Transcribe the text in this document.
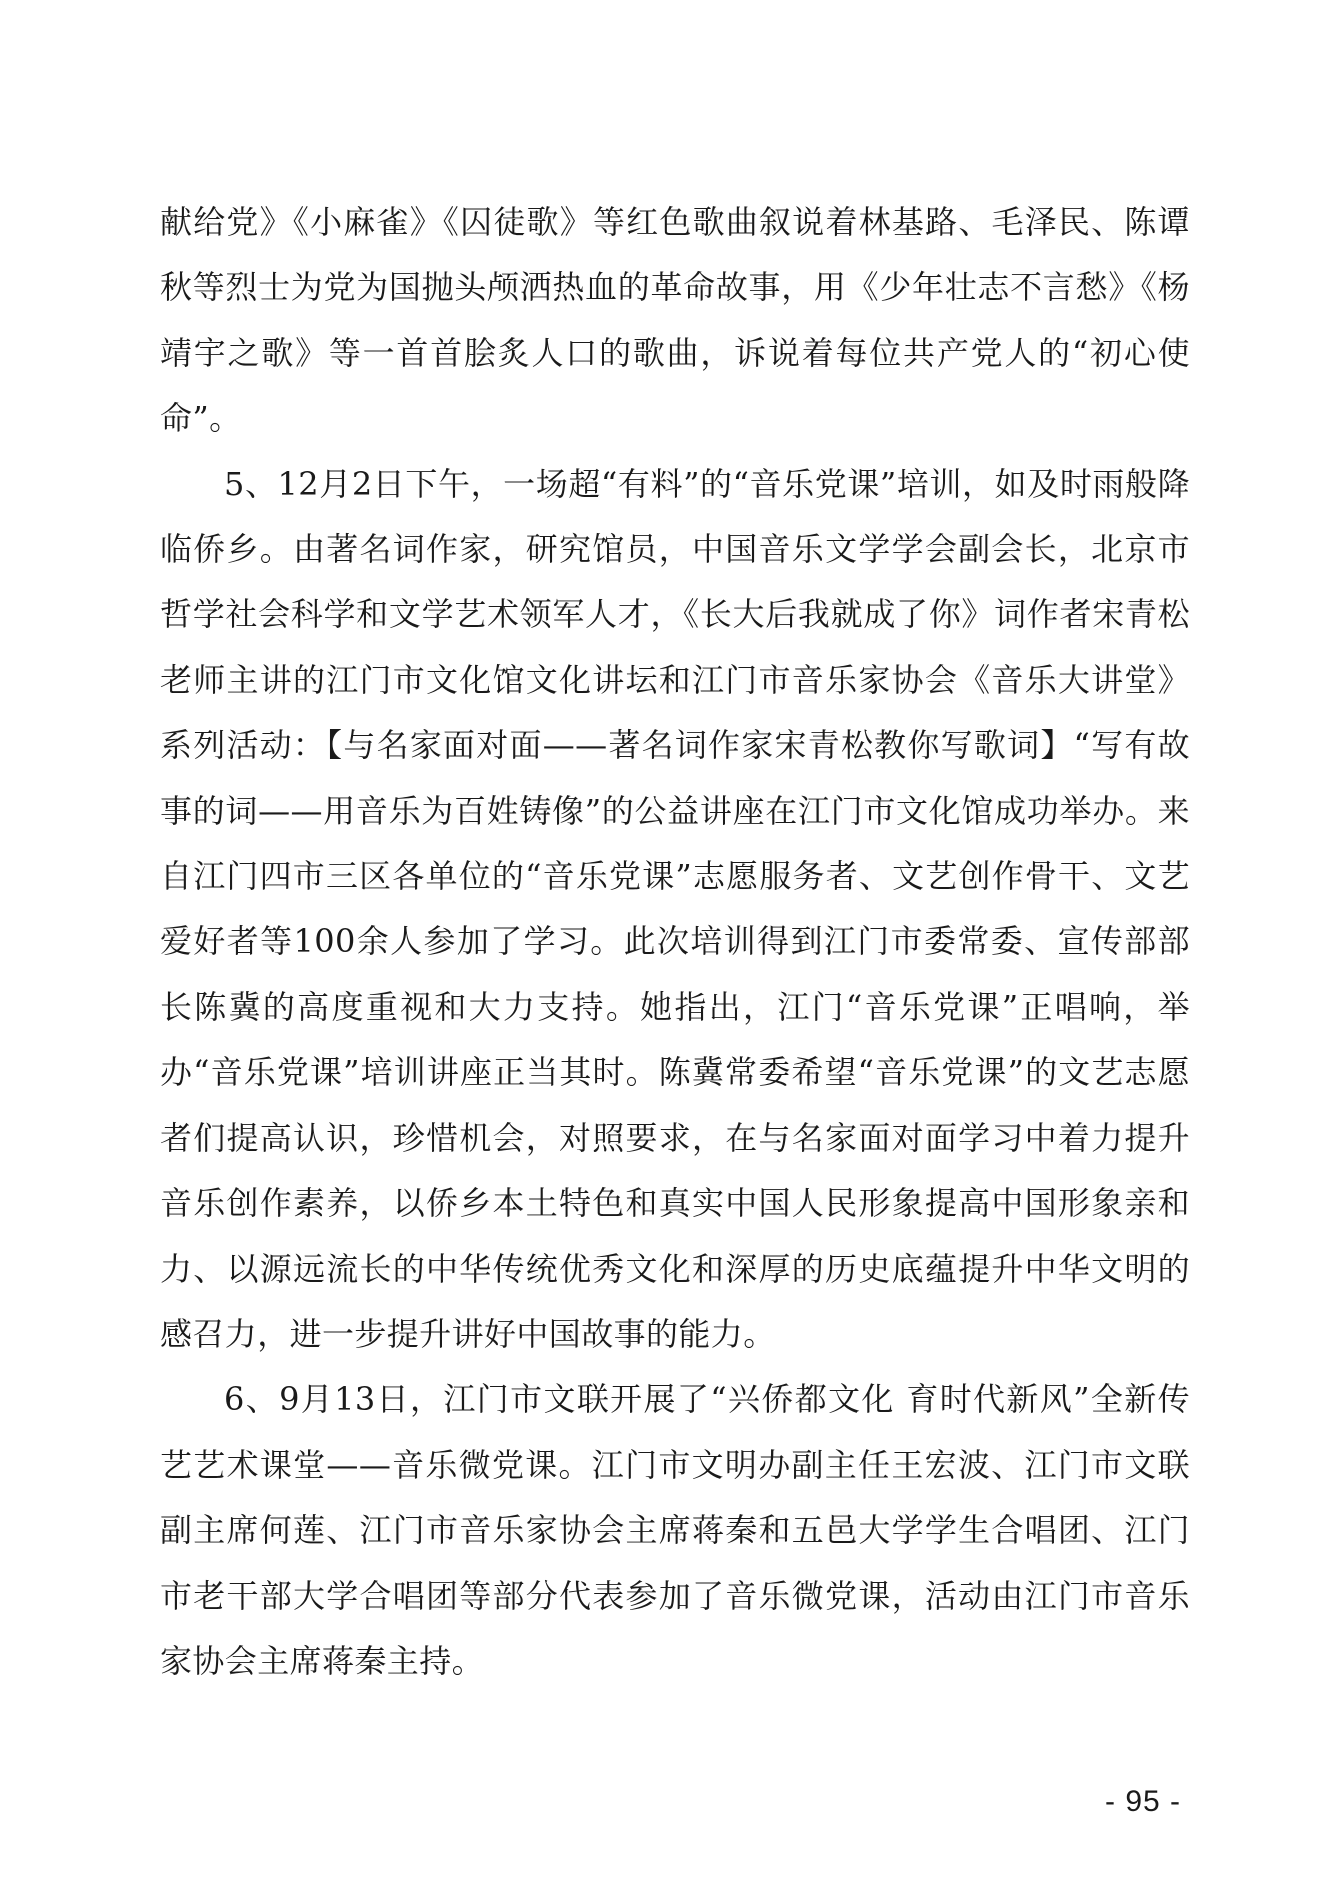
献给党》《小麻雀》《囚徒歌》等红色歌曲叙说着林基路、毛泽民、陈谭秋等烈士为党为国抛头颅洒热血的革命故事，用《少年壮志不言愁》《杨靖宇之歌》等一首首脍炙人口的歌曲，诉说着每位共产党人的“初心使命”。

5、12月2日下午，一场超“有料”的“音乐党课”培训，如及时雨般降临侨乡。由著名词作家，研究馆员，中国音乐文学学会副会长，北京市哲学社会科学和文学艺术领军人才，《长大后我就成了你》词作者宋青松老师主讲的江门市文化馆文化讲坛和江门市音乐家协会《音乐大讲堂》系列活动：【与名家面对面——著名词作家宋青松教你写歌词】“写有故事的词——用音乐为百姓铸像”的公益讲座在江门市文化馆成功举办。来自江门四市三区各单位的“音乐党课”志愿服务者、文艺创作骨干、文艺爱好者等100余人参加了学习。此次培训得到江门市委常委、宣传部部长陈冀的高度重视和大力支持。她指出，江门“音乐党课”正唱响，举办“音乐党课”培训讲座正当其时。陈冀常委希望“音乐党课”的文艺志愿者们提高认识，珍惜机会，对照要求，在与名家面对面学习中着力提升音乐创作素养，以侨乡本土特色和真实中国人民形象提高中国形象亲和力、以源远流长的中华传统优秀文化和深厚的历史底蕴提升中华文明的感召力，进一步提升讲好中国故事的能力。

6、9月13日，江门市文联开展了“兴侨都文化 育时代新风”全新传艺艺术课堂——音乐微党课。江门市文明办副主任王宏波、江门市文联副主席何莲、江门市音乐家协会主席蒋秦和五邑大学学生合唱团、江门市老干部大学合唱团等部分代表参加了音乐微党课，活动由江门市音乐家协会主席蒋秦主持。

- 95 -
